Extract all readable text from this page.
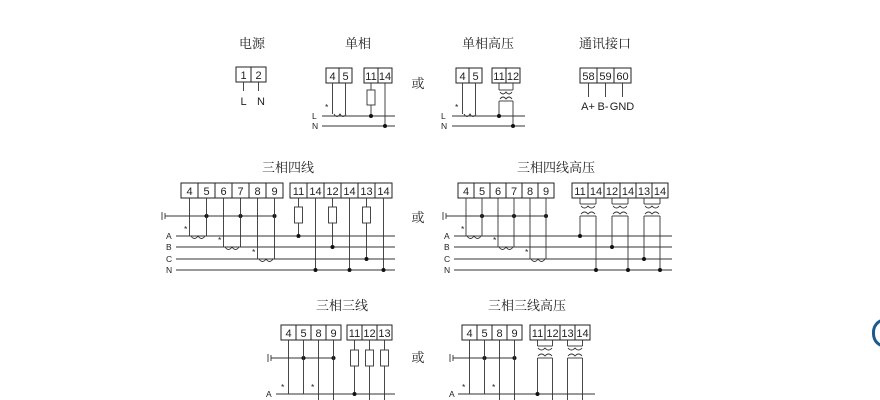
电源	单相	单相高压	通讯接口
三相四线	三相四线高压
三相三线	三相三线高压
或
或
或
1 2
L N
4 5 11 14
*
L
N
4 5 11 12
*
L
N
58 59 60
A+ B- GND
4 5 6 7 8 9 11 14 12 14 13 14
*
*
*
A
B
C
N
4 5 6 7 8 9 11 14 12 14 13 14
*
*
*
A
B
C
N
4 5 8 9 11 12 13
*	*
A
4 5 8 9 11 12 13 14
*	*
A
